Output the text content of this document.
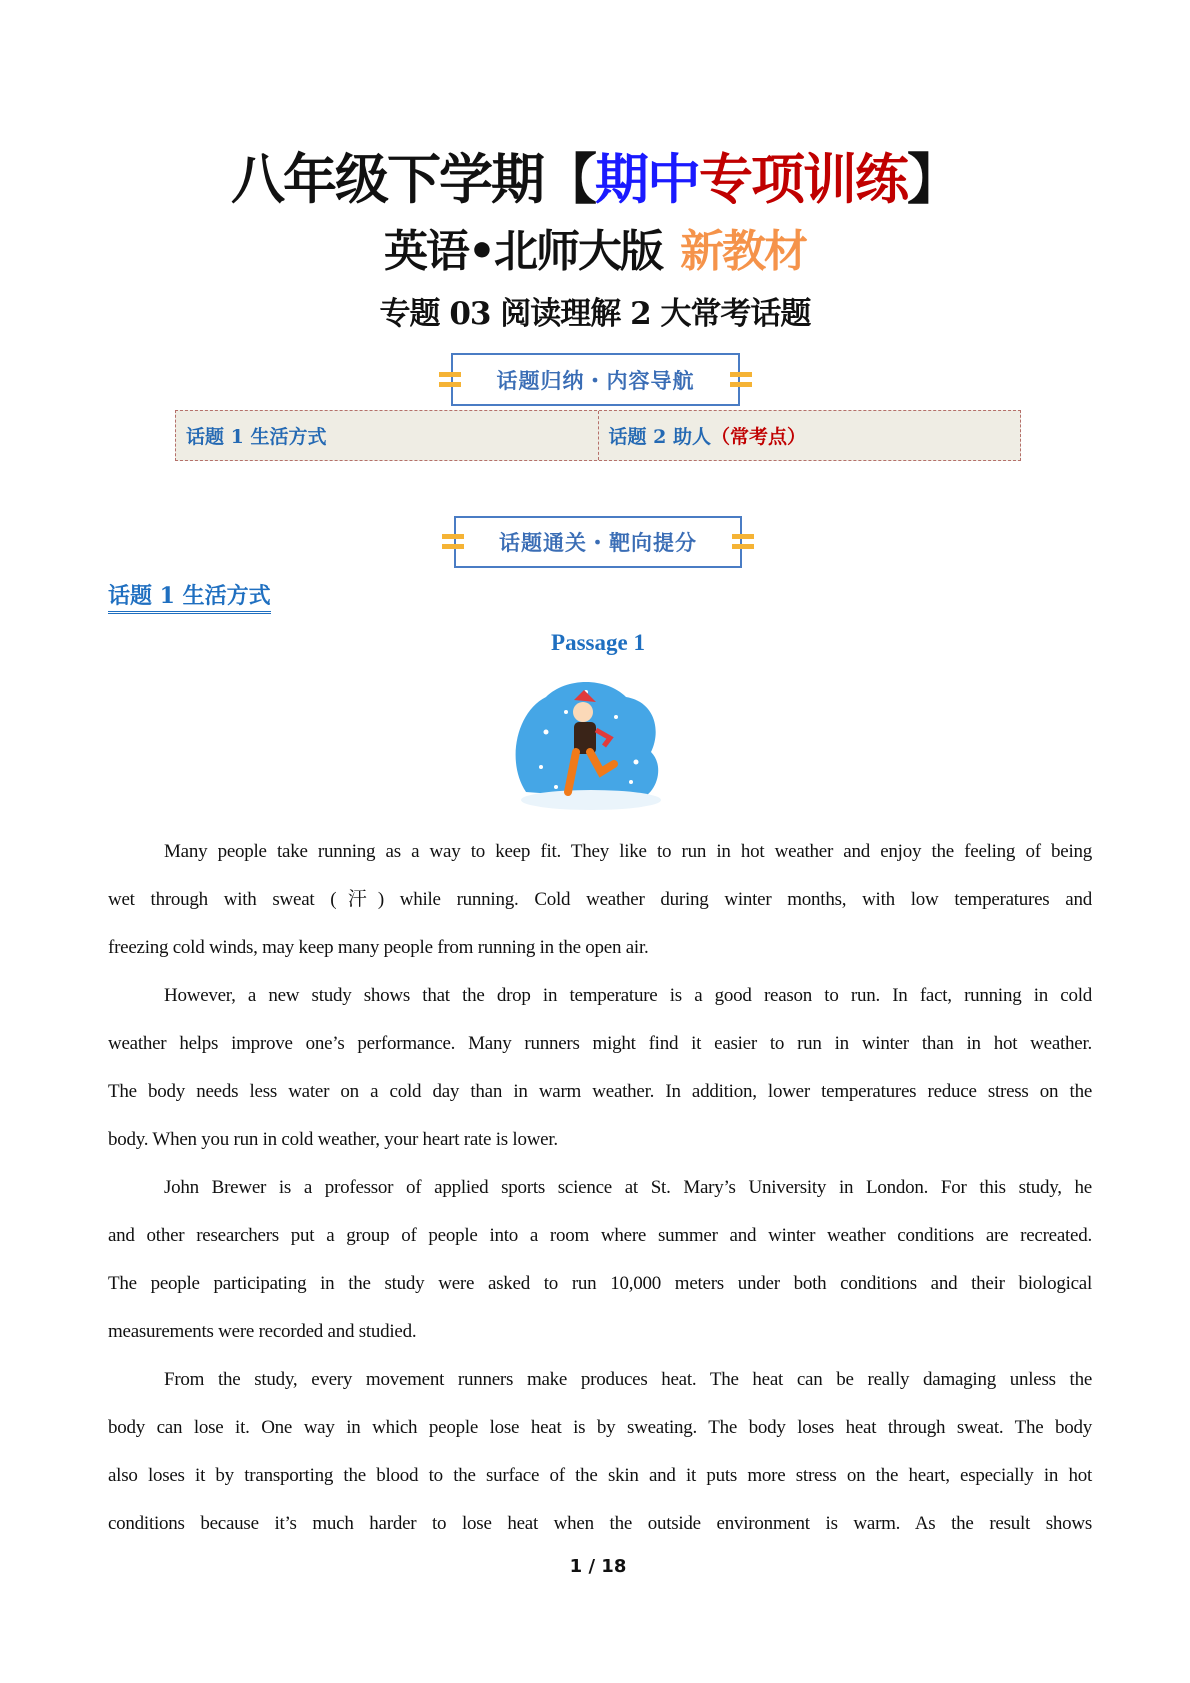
八年级下学期【期中专项训练】
英语•北师大版 新教材
专题 03 阅读理解 2 大常考话题
话题归纳・内容导航
话题 1 生活方式	话题 2 助人 （常考点）
话题通关・靶向提分
话题 1 生活方式
Passage 1
Many people take running as a way to keep fit. They like to run in hot weather and enjoy the feeling of being
wet through with sweat (汗) while running. Cold weather during winter months, with low temperatures and
freezing cold winds, may keep many people from running in the open air.
However, a new study shows that the drop in temperature is a good reason to run. In fact, running in cold
weather helps improve one’s performance. Many runners might find it easier to run in winter than in hot weather.
The body needs less water on a cold day than in warm weather. In addition, lower temperatures reduce stress on the
body. When you run in cold weather, your heart rate is lower.
John Brewer is a professor of applied sports science at St. Mary’s University in London. For this study, he
and other researchers put a group of people into a room where summer and winter weather conditions are recreated.
The people participating in the study were asked to run 10,000 meters under both conditions and their biological
measurements were recorded and studied.
From the study, every movement runners make produces heat. The heat can be really damaging unless the
body can lose it. One way in which people lose heat is by sweating. The body loses heat through sweat. The body
also loses it by transporting the blood to the surface of the skin and it puts more stress on the heart, especially in hot
conditions because it’s much harder to lose heat when the outside environment is warm. As the result shows
1 / 18
